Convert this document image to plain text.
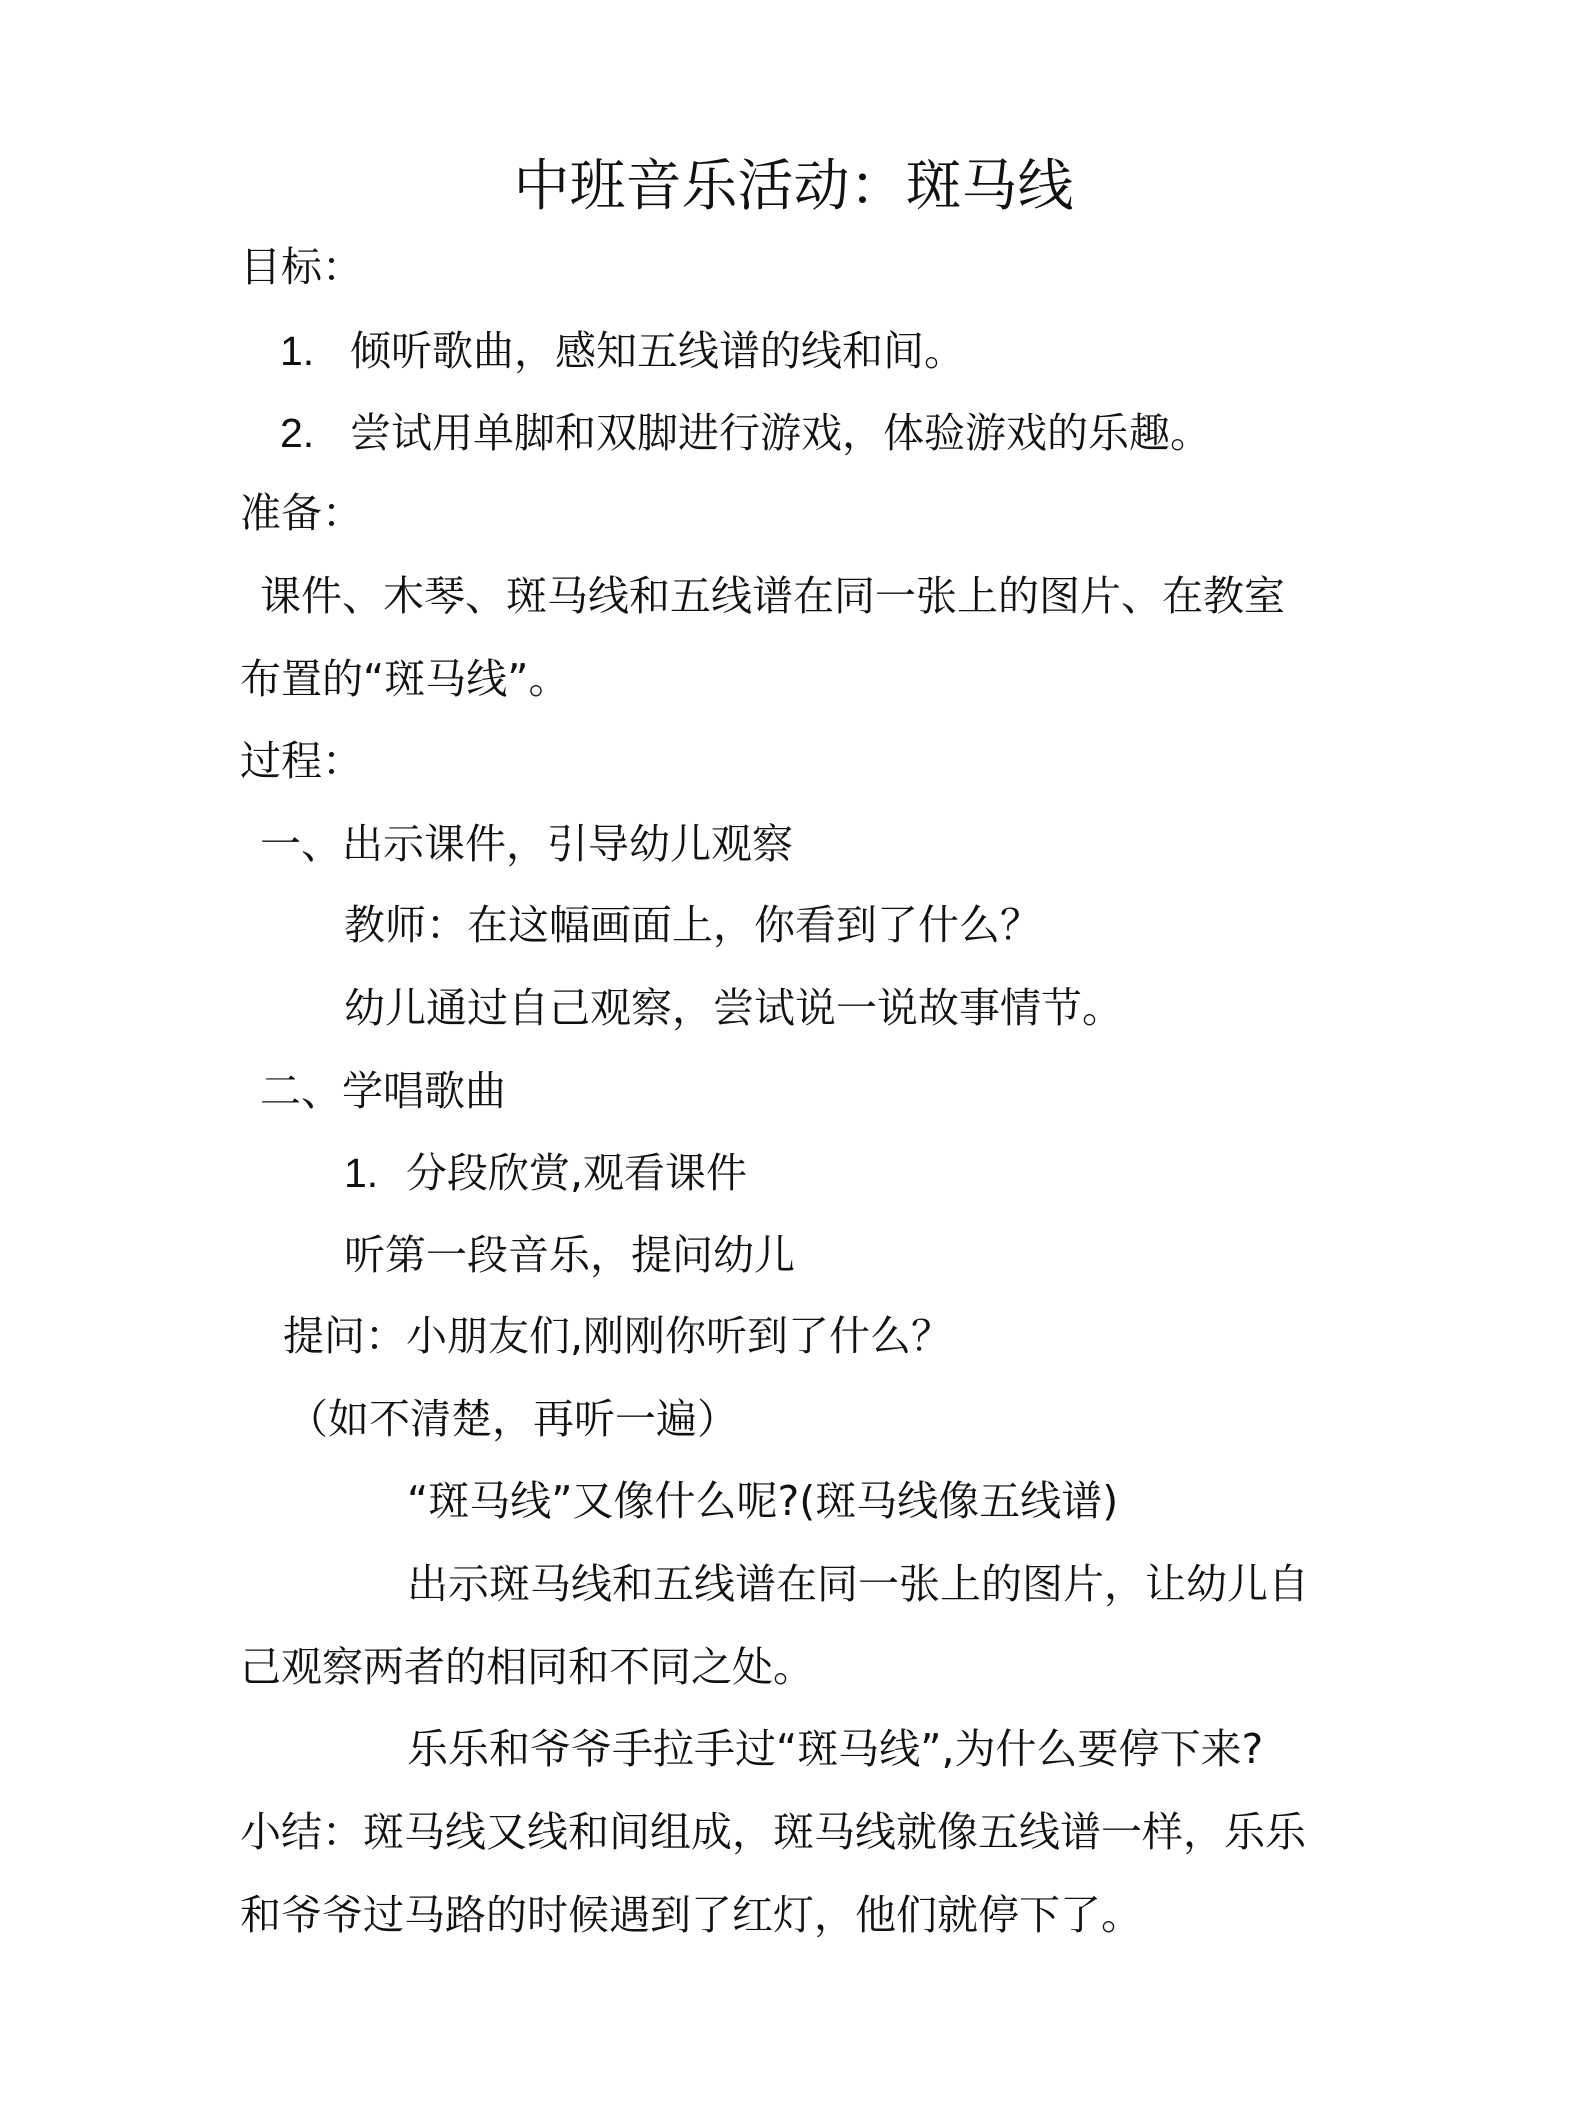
中班音乐活动：斑马线
目标：
1. 倾听歌曲，感知五线谱的线和间。
2. 尝试用单脚和双脚进行游戏，体验游戏的乐趣。
准备：
课件、木琴、斑马线和五线谱在同一张上的图片、在教室
布置的“斑马线”。
过程：
一、出示课件，引导幼儿观察
教师：在这幅画面上，你看到了什么？
幼儿通过自己观察，尝试说一说故事情节。
二、学唱歌曲
1. 分段欣赏,观看课件
听第一段音乐，提问幼儿
提问：小朋友们,刚刚你听到了什么？
（如不清楚，再听一遍）
“斑马线”又像什么呢?(斑马线像五线谱)
出示斑马线和五线谱在同一张上的图片，让幼儿自
己观察两者的相同和不同之处。
乐乐和爷爷手拉手过“斑马线”,为什么要停下来?
小结：斑马线又线和间组成，斑马线就像五线谱一样，乐乐
和爷爷过马路的时候遇到了红灯，他们就停下了。
